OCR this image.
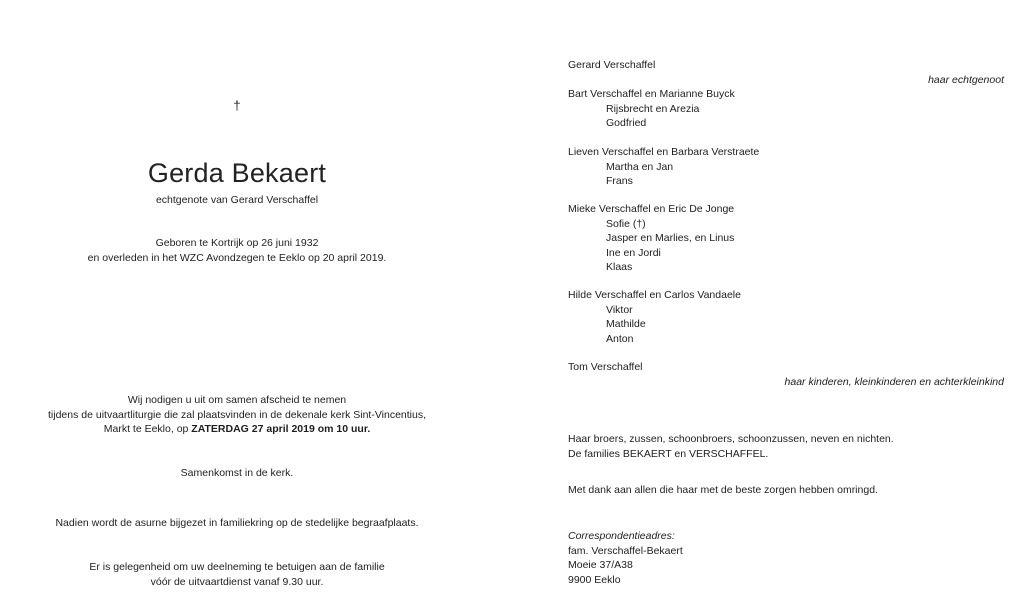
†
Gerda Bekaert
echtgenote van Gerard Verschaffel

Geboren te Kortrijk op 26 juni 1932

en overleden in het WZC Avondzegen te Eeklo op 20 april 2019.

Wij nodigen u uit om samen afscheid te nemen

tijdens de uitvaartliturgie die zal plaatsvinden in de dekenale kerk Sint-Vincentius,

Markt te Eeklo, op ZATERDAG 27 april 2019 om 10 uur.

Samenkomst in de kerk.
Nadien wordt de asurne bijgezet in familiekring op de stedelijke begraafplaats.

Er is gelegenheid om uw deelneming te betuigen aan de familie

vóór de uitvaartdienst vanaf 9.30 uur.

Gerard Verschaffel
haar echtgenoot

Bart Verschaffel en Marianne Buyck

Rijsbrecht en Arezia

Godfried

Lieven Verschaffel en Barbara Verstraete

Martha en Jan

Frans

Mieke Verschaffel en Eric De Jonge

Sofie (†)

Jasper en Marlies, en Linus

Ine en Jordi

Klaas

Hilde Verschaffel en Carlos Vandaele

Viktor

Mathilde

Anton

Tom Verschaffel
haar kinderen, kleinkinderen en achterkleinkind

Haar broers, zussen, schoonbroers, schoonzussen, neven en nichten.

De families BEKAERT en VERSCHAFFEL.

Met dank aan allen die haar met de beste zorgen hebben omringd.

Correspondentieadres:

fam. Verschaffel-Bekaert

Moeie 37/A38

9900 Eeklo
